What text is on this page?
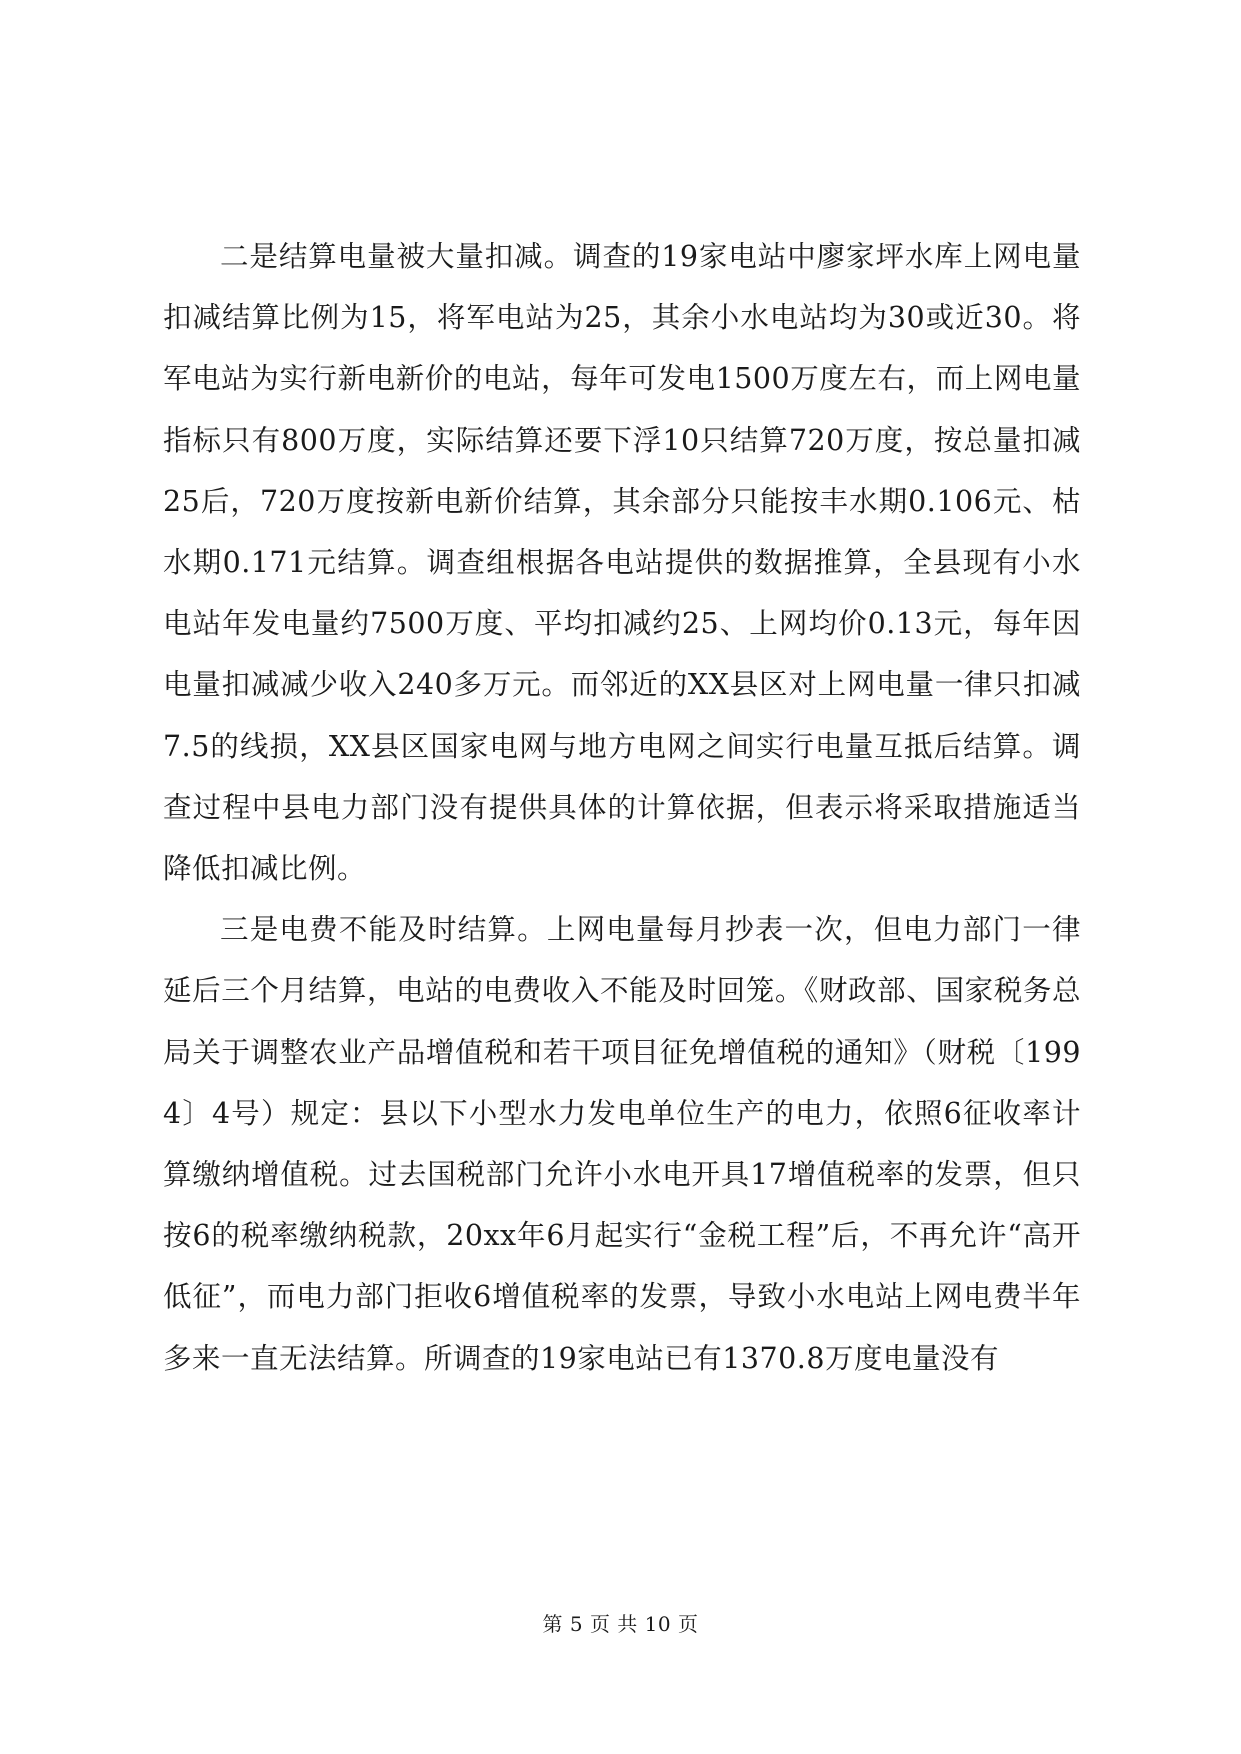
二是结算电量被大量扣减。调查的19家电站中廖家坪水库上网电量扣减结算比例为15，将军电站为25，其余小水电站均为30或近30。将军电站为实行新电新价的电站，每年可发电1500万度左右，而上网电量指标只有800万度，实际结算还要下浮10只结算720万度，按总量扣减25后，720万度按新电新价结算，其余部分只能按丰水期0.106元、枯水期0.171元结算。调查组根据各电站提供的数据推算，全县现有小水电站年发电量约7500万度、平均扣减约25、上网均价0.13元，每年因电量扣减减少收入240多万元。而邻近的XX县区对上网电量一律只扣减7.5的线损，XX县区国家电网与地方电网之间实行电量互抵后结算。调查过程中县电力部门没有提供具体的计算依据，但表示将采取措施适当降低扣减比例。

三是电费不能及时结算。上网电量每月抄表一次，但电力部门一律延后三个月结算，电站的电费收入不能及时回笼。《财政部、国家税务总局关于调整农业产品增值税和若干项目征免增值税的通知》（财税〔1994〕4号）规定：县以下小型水力发电单位生产的电力，依照6征收率计算缴纳增值税。过去国税部门允许小水电开具17增值税率的发票，但只按6的税率缴纳税款，20xx年6月起实行“金税工程”后，不再允许“高开低征”，而电力部门拒收6增值税率的发票，导致小水电站上网电费半年多来一直无法结算。所调查的19家电站已有1370.8万度电量没有

第 5 页 共 10 页
